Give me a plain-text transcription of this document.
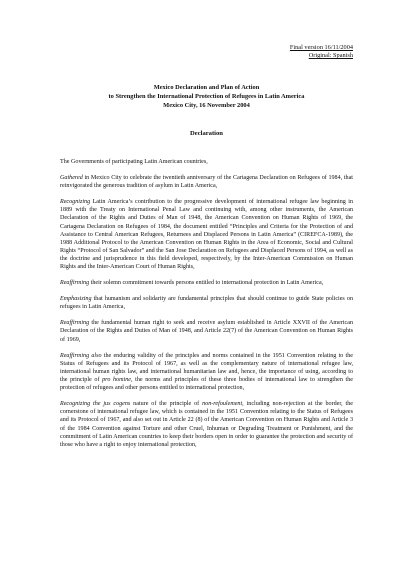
Final version 16/11/2004
Original: Spanish
Mexico Declaration and Plan of Action
to Strengthen the International Protection of Refugees in Latin America
Mexico City, 16 November 2004
Declaration

The Governments of participating Latin American countries,

Gathered in Mexico City to celebrate the twentieth anniversary of the Cartagena Declaration on Refugees of 1984, that reinvigorated the generous tradition of asylum in Latin America,

Recognizing Latin America’s contribution to the progressive development of international refugee law beginning in 1889 with the Treaty on International Penal Law and continuing with, among other instruments, the American Declaration of the Rights and Duties of Man of 1948, the American Convention on Human Rights of 1969, the Cartagena Declaration on Refugees of 1984, the document entitled “Principles and Criteria for the Protection of and Assistance to Central American Refugees, Returnees and Displaced Persons in Latin America” (CIREFCA-1989), the 1988 Additional Protocol to the American Convention on Human Rights in the Area of Economic, Social and Cultural Rights “Protocol of San Salvador” and the San Jose Declaration on Refugees and Displaced Persons of 1994, as well as the doctrine and jurisprudence in this field developed, respectively, by the Inter-American Commission on Human Rights and the Inter-American Court of Human Rights,

Reaffirming their solemn commitment towards persons entitled to international protection in Latin America,

Emphasizing that humanism and solidarity are fundamental principles that should continue to guide State policies on refugees in Latin America,

Reaffirming the fundamental human right to seek and receive asylum established in Article XXVII of the American Declaration of the Rights and Duties of Man of 1948, and Article 22(7) of the American Convention on Human Rights of 1969,

Reaffirming also the enduring validity of the principles and norms contained in the 1951 Convention relating to the Status of Refugees and its Protocol of 1967, as well as the complementary nature of international refugee law, international human rights law, and international humanitarian law and, hence, the importance of using, according to the principle of pro homine, the norms and principles of these three bodies of international law to strengthen the protection of refugees and other persons entitled to international protection,

Recognizing the jus cogens nature of the principle of non-refoulement, including non-rejection at the border, the cornerstone of international refugee law, which is contained in the 1951 Convention relating to the Status of Refugees and its Protocol of 1967, and also set out in Article 22 (8) of the American Convention on Human Rights and Article 3 of the 1984 Convention against Torture and other Cruel, Inhuman or Degrading Treatment or Punishment, and the commitment of Latin American countries to keep their borders open in order to guarantee the protection and security of those who have a right to enjoy international protection,
